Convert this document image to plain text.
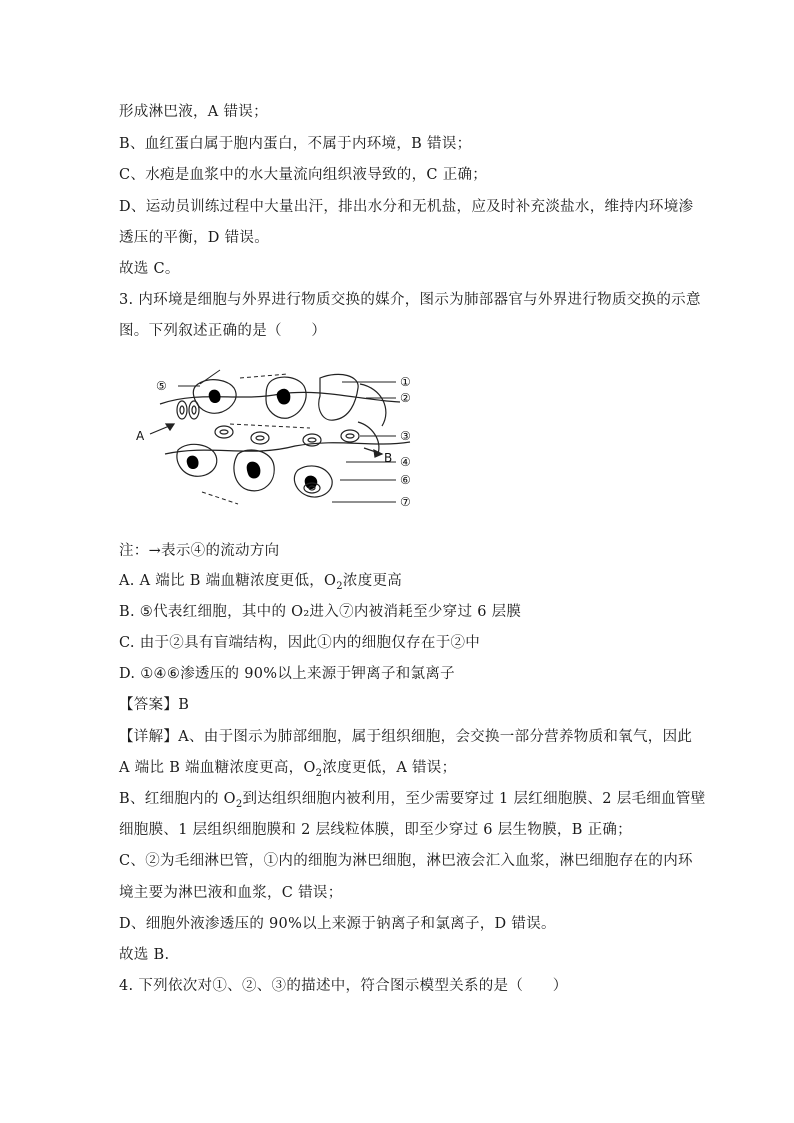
形成淋巴液，A 错误；
B、血红蛋白属于胞内蛋白，不属于内环境，B 错误；
C、水疱是血浆中的水大量流向组织液导致的，C 正确；
D、运动员训练过程中大量出汗，排出水分和无机盐，应及时补充淡盐水，维持内环境渗
透压的平衡，D 错误。
故选 C。
3. 内环境是细胞与外界进行物质交换的媒介，图示为肺部器官与外界进行物质交换的示意
图。下列叙述正确的是（　　）
①
②
③
④
⑤
⑥
⑦
A
B
注：→表示④的流动方向
A. A 端比 B 端血糖浓度更低，$O_2$浓度更高
B. ⑤代表红细胞，其中的 O₂进入⑦内被消耗至少穿过 6 层膜
C. 由于②具有盲端结构，因此①内的细胞仅存在于②中
D. ①④⑥渗透压的 90%以上来源于钾离子和氯离子
【答案】B
【详解】A、由于图示为肺部细胞，属于组织细胞，会交换一部分营养物质和氧气，因此
A 端比 B 端血糖浓度更高，$O_2$浓度更低，A 错误；
B、红细胞内的 $O_2$到达组织细胞内被利用，至少需要穿过 1 层红细胞膜、2 层毛细血管壁
细胞膜、1 层组织细胞膜和 2 层线粒体膜，即至少穿过 6 层生物膜，B 正确；
C、②为毛细淋巴管，①内的细胞为淋巴细胞，淋巴液会汇入血浆，淋巴细胞存在的内环
境主要为淋巴液和血浆，C 错误；
D、细胞外液渗透压的 90%以上来源于钠离子和氯离子，D 错误。
故选 B.
4. 下列依次对①、②、③的描述中，符合图示模型关系的是（　　）
